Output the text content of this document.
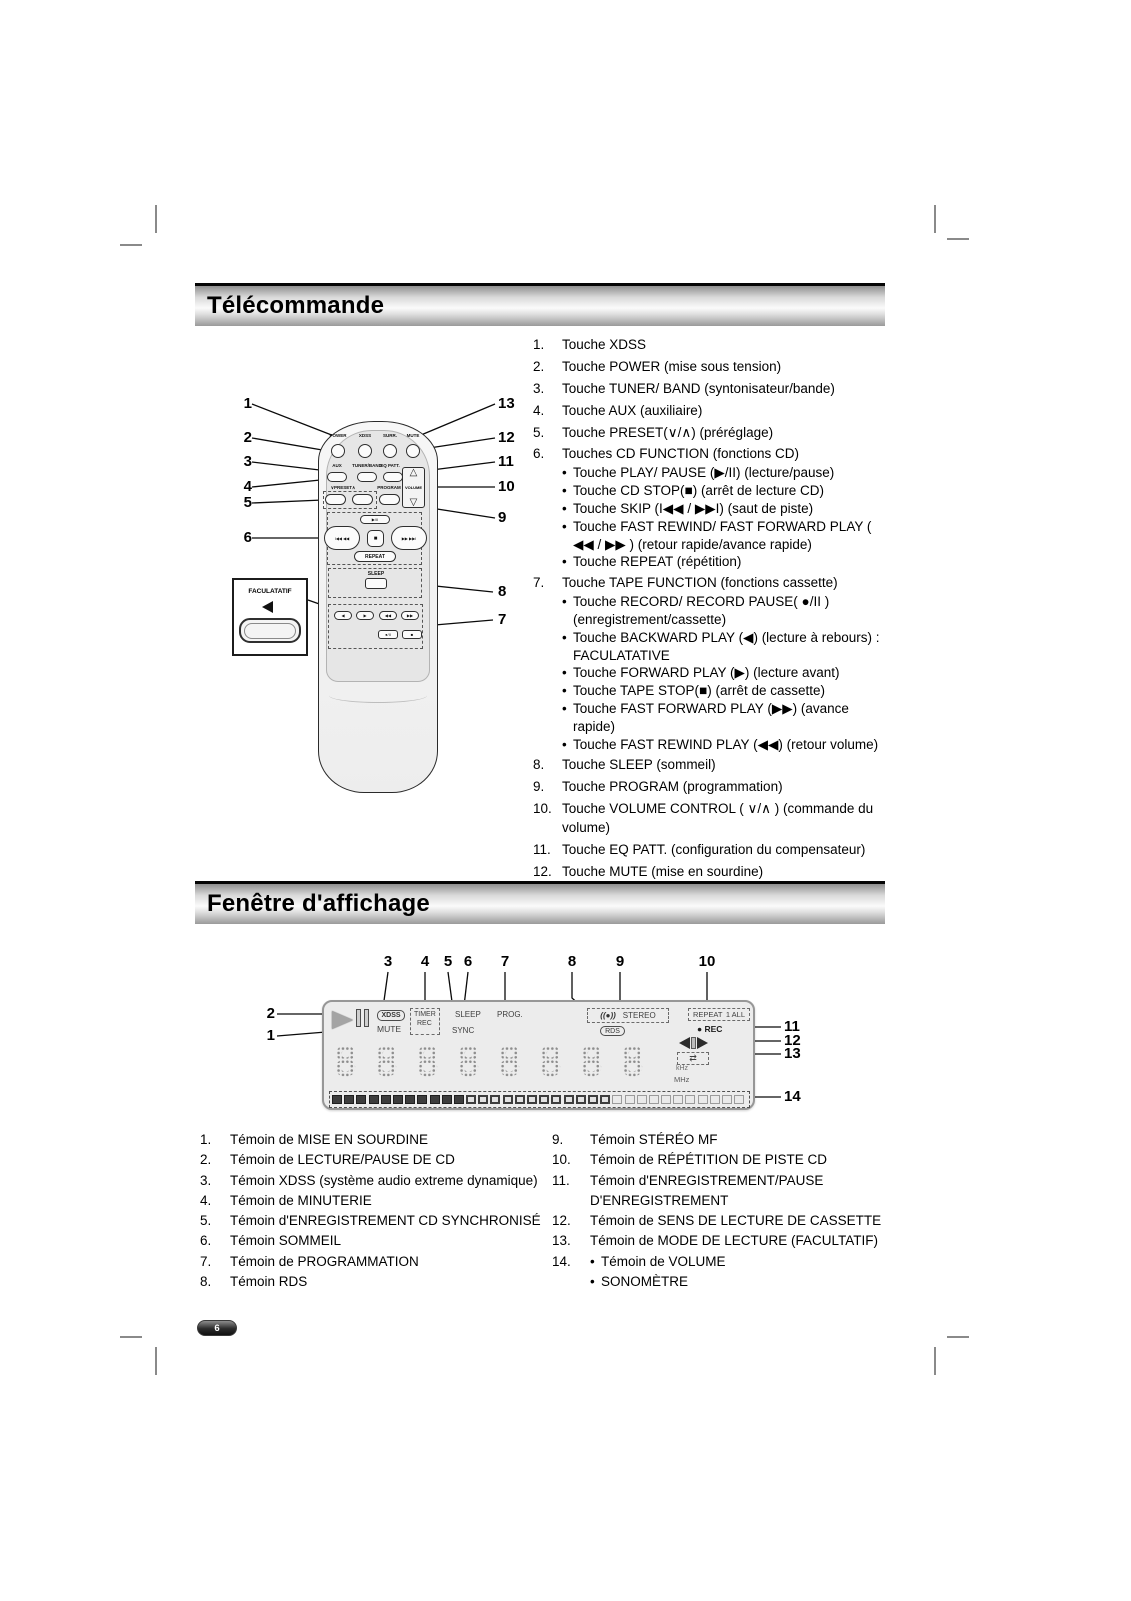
Télécommande
1
2
3
4
5
6
13
12
11
10
9
8
7
POWER	XDSS	SURR.	MUTE
AUX	TUNER/BAND
EQ PATT.
△
VOLUME
▽
∨PRESET∧	PROGRAM
▶/II
I◀◀ ◀◀	■	▶▶ ▶▶I
REPEAT
SLEEP
◀	▶	◀◀	▶▶
●/II	■
FACULATATIF
1.	Touche XDSS
2.	Touche POWER (mise sous tension)
3.	Touche TUNER/ BAND (syntonisateur/bande)
4.	Touche AUX (auxiliaire)
5.	Touche PRESET(∨/∧) (préréglage)
6.	Touches CD FUNCTION (fonctions CD)
• Touche PLAY/ PAUSE (▶/II) (lecture/pause)
• Touche CD STOP(■) (arrêt de lecture CD)
• Touche SKIP (I◀◀ / ▶▶I) (saut de piste)
• Touche FAST REWIND/ FAST FORWARD PLAY ( ◀◀ / ▶▶ ) (retour rapide/avance rapide)
• Touche REPEAT (répétition)
7.	Touche TAPE FUNCTION (fonctions cassette)
• Touche RECORD/ RECORD PAUSE( ●/II ) (enregistrement/cassette)
• Touche BACKWARD PLAY (◀) (lecture à rebours) : FACULATATIVE
• Touche FORWARD PLAY (▶) (lecture avant)
• Touche TAPE STOP(■) (arrêt de cassette)
• Touche FAST FORWARD PLAY (▶▶) (avance rapide)
• Touche FAST REWIND PLAY (◀◀) (retour volume)
8.	Touche SLEEP (sommeil)
9.	Touche PROGRAM (programmation)
10. Touche VOLUME CONTROL ( ∨/∧ ) (commande du volume)
11. Touche EQ PATT. (configuration du compensateur)
12. Touche MUTE (mise en sourdine)
Fenêtre d'affichage
3	4 5 6	7	8	9	10
2
1
11
12
13
14
XDSS
MUTE
TIMER
REC
SLEEP
SYNC
PROG.	((●)) STEREO
RDS
REPEAT 1 ALL
● REC
⇄
kHz
MHz
8 8 8 8 8 8 8 8
1.	Témoin de MISE EN SOURDINE
2.	Témoin de LECTURE/PAUSE DE CD
3.	Témoin XDSS (système audio extreme dynamique)
4.	Témoin de MINUTERIE
5.	Témoin d'ENREGISTREMENT CD SYNCHRONISÉ
6.	Témoin SOMMEIL
7.	Témoin de PROGRAMMATION
8.	Témoin RDS
9.	Témoin STÉRÉO MF
10.	Témoin de RÉPÉTITION DE PISTE CD
11.	Témoin d'ENREGISTREMENT/PAUSE D'ENREGISTREMENT
12.	Témoin de SENS DE LECTURE DE CASSETTE
13.	Témoin de MODE DE LECTURE (FACULTATIF)
14.	• Témoin de VOLUME
• SONOMÈTRE
6
